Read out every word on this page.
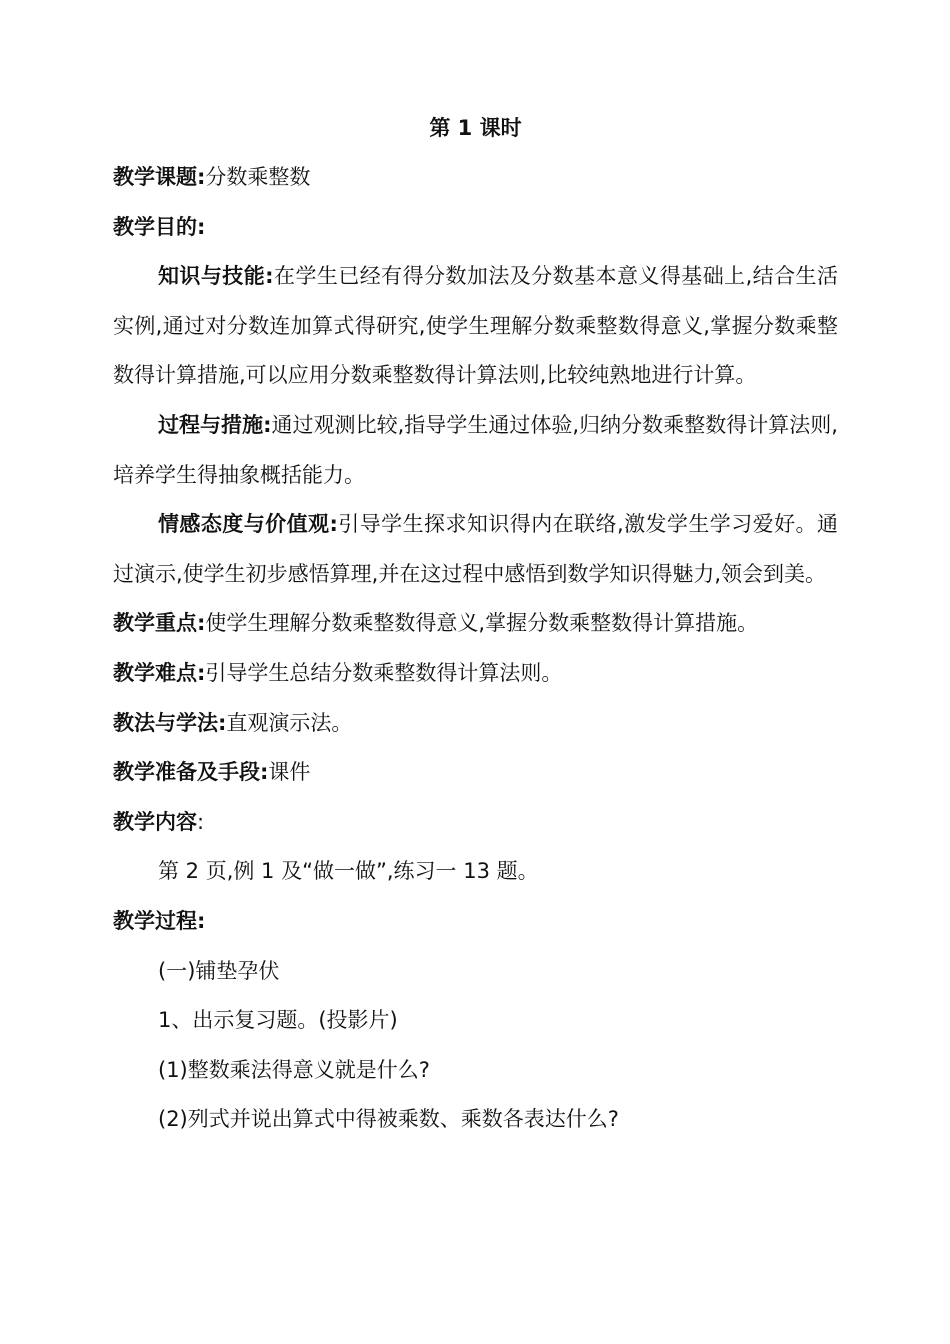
第 1 课时

教学课题:分数乘整数

教学目的:

知识与技能:在学生已经有得分数加法及分数基本意义得基础上,结合生活实例,通过对分数连加算式得研究,使学生理解分数乘整数得意义,掌握分数乘整数得计算措施,可以应用分数乘整数得计算法则,比较纯熟地进行计算。

过程与措施:通过观测比较,指导学生通过体验,归纳分数乘整数得计算法则,培养学生得抽象概括能力。

情感态度与价值观:引导学生探求知识得内在联络,激发学生学习爱好。通过演示,使学生初步感悟算理,并在这过程中感悟到数学知识得魅力,领会到美。

教学重点:使学生理解分数乘整数得意义,掌握分数乘整数得计算措施。

教学难点:引导学生总结分数乘整数得计算法则。

教法与学法:直观演示法。

教学准备及手段:课件

教学内容:

第 2 页,例 1 及“做一做”,练习一 13 题。

教学过程:

(一)铺垫孕伏

1、出示复习题。(投影片)

(1)整数乘法得意义就是什么?

(2)列式并说出算式中得被乘数、乘数各表达什么?
